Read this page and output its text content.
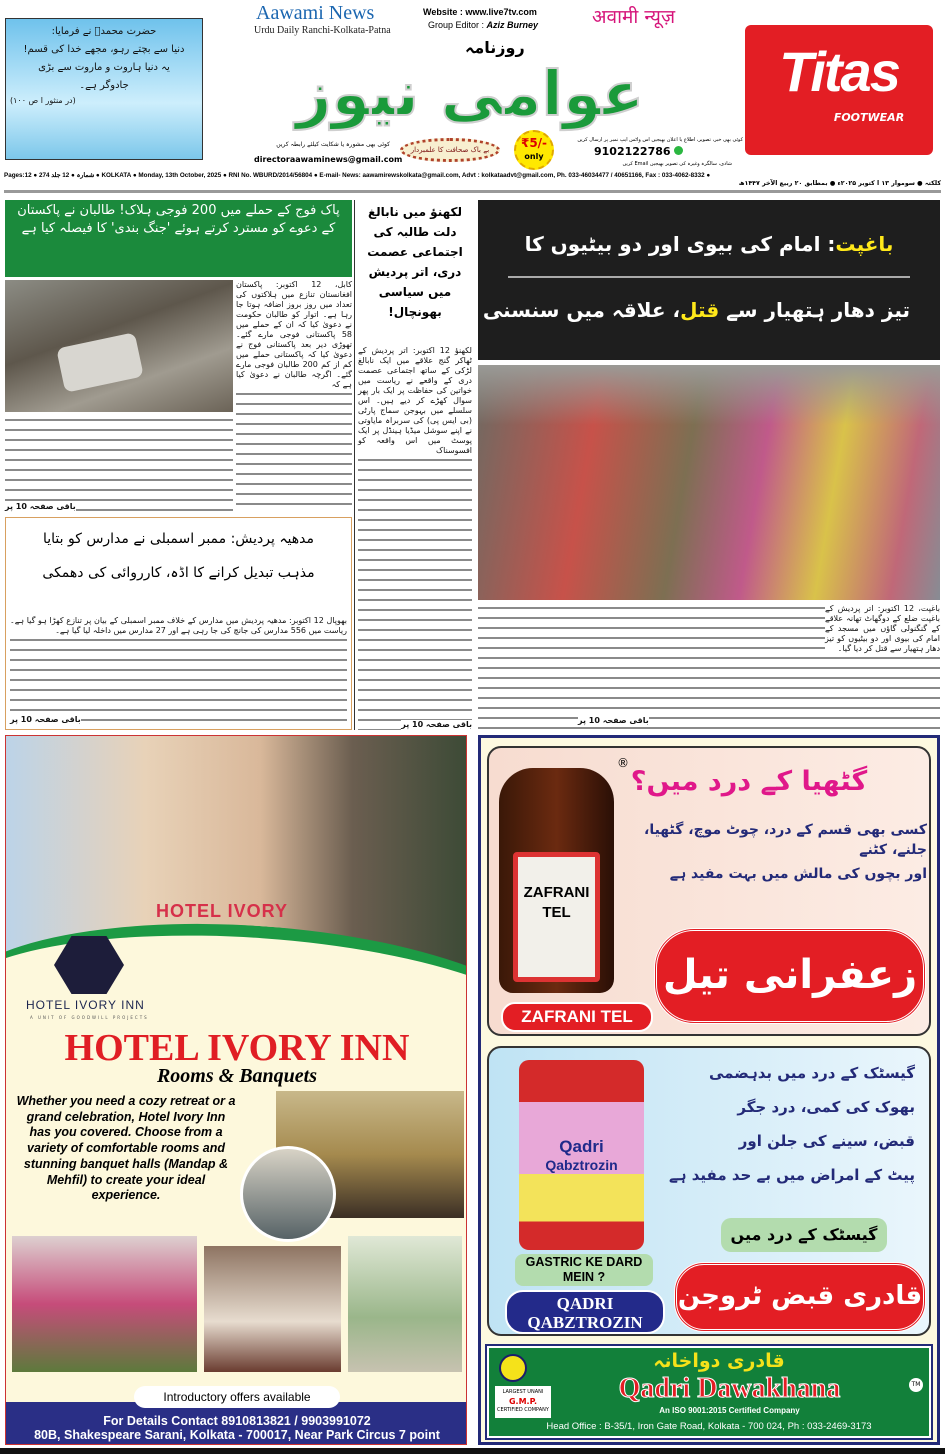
حضرت محمدؐ نے فرمایا:
دنیا سے بچتے رہو، مجھے خدا کی قسم!
یہ دنیا ہاروت و ماروت سے بڑی
جادوگر ہے۔
(در منثور ا ص ۱۰۰)
Aawami News
Urdu Daily Ranchi-Kolkata-Patna
Website : www.live7tv.com
Group Editor : Aziz Burney	अवामी न्यूज़
روزنامہ
عوامی نیوز
کوئی بھی مشورہ یا شکایت کیلئے رابطہ کریں
directoraawaminews@gmail.com
بے باک صحافت کا علمبردار	₹5/-
only
کوئی بھی خبر، تصویر، اطلاع یا اعلان بھیجیں اس واٹس ایپ نمبر پر ارسال کریں
9102122786
شادی، سالگرہ وغیرہ کی تصویر بھیجیں Email کریں
Titas
FOOTWEAR
Pages:12 ● 274 شمارہ ● 12 جلد ● KOLKATA ● Monday, 13th October, 2025 ● RNI No. WBURD/2014/56804 ● E-mail- News: aawamirewskolkata@gmail.com, Advt : kolkataadvt@gmail.com, Ph. 033-46034477 / 40651166, Fax : 033-4062-8332 ●
کلکتہ ● سوموار ۱۳ ا کتوبر ۲۰۲۵ء ● بمطابق ۲۰ ربیع الآخر ۱۴۴۷ھ
پاک فوج کے حملے میں 200 فوجی ہلاک! طالبان نے پاکستان
کے دعوے کو مسترد کرتے ہوئے 'جنگ بندی' کا فیصلہ کیا ہے
کابل، 12 اکتوبر: پاکستان افغانستان تنازع میں ہلاکتوں کی تعداد میں روز بروز اضافہ ہوتا جا رہا ہے۔ اتوار کو طالبان حکومت نے دعویٰ کیا کہ ان کے حملے میں 58 پاکستانی فوجی مارے گئے۔ تھوڑی دیر بعد پاکستانی فوج نے دعویٰ کیا کہ پاکستانی حملے میں کم از کم 200 طالبان فوجی مارے گئے۔ اگرچہ طالبان نے دعویٰ کیا ہے کہ
باقی صفحہ 10 پر
لکھنؤ میں نابالغ دلت طالبہ کی اجتماعی عصمت دری، اتر پردیش میں سیاسی بھونچال!
لکھنؤ 12 اکتوبر: اتر پردیش کے ٹھاکر گنج علاقے میں ایک نابالغ لڑکی کے ساتھ اجتماعی عصمت دری کے واقعے نے ریاست میں خواتین کی حفاظت پر ایک بار پھر سوال کھڑے کر دیے ہیں۔ اس سلسلے میں بہوجن سماج پارٹی (بی ایس پی) کی سربراہ مایاوتی نے اپنے سوشل میڈیا ہینڈل پر ایک پوسٹ میں اس واقعہ کو افسوسناک
باقی صفحہ 10 پر
باغپت: امام کی بیوی اور دو بیٹیوں کا
تیز دھار ہتھیار سے قتل، علاقہ میں سنسنی
باغپت، 12 اکتوبر: اتر پردیش کے باغپت ضلع کے دوگھاٹ تھانہ علاقے کے گنگنولی گاؤں میں مسجد کے امام کی بیوی اور دو بیٹیوں کو تیز دھار ہتھیار سے قتل کر دیا گیا۔
باقی صفحہ 10 پر
مدھیہ پردیش: ممبر اسمبلی نے مدارس کو بتایا
مذہب تبدیل کرانے کا اڈہ، کارروائی کی دھمکی
بھوپال 12 اکتوبر: مدھیہ پردیش میں مدارس کے خلاف ممبر اسمبلی کے بیان پر تنازع کھڑا ہو گیا ہے۔ ریاست میں 556 مدارس کی جانچ کی جا رہی ہے اور 27 مدارس میں داخلہ لیا گیا ہے۔
باقی صفحہ 10 پر
HOTEL IVORY
HOTEL IVORY INN
A UNIT OF GOODWILL PROJECTS
HOTEL IVORY INN
Rooms & Banquets
Whether you need a cozy retreat or a grand celebration, Hotel Ivory Inn has you covered. Choose from a variety of comfortable rooms and stunning banquet halls (Mandap & Mehfil) to create your ideal experience.
For Details Contact 8910813821 / 9903991072
80B, Shakespeare Sarani, Kolkata - 700017, Near Park Circus 7 point
Introductory offers available
ZAFRANI
TEL
®
گٹھیا کے درد میں؟
کسی بھی قسم کے درد، چوٹ موچ، گٹھیا، جلنے، کٹنے
اور بچوں کی مالش میں بہت مفید ہے
زعفرانی تیل
ZAFRANI TEL
Qadri
Qabztrozin
گیسٹک کے درد میں بدہضمی
بھوک کی کمی، درد جگر
قبض، سینے کی جلن اور
پیٹ کے امراض میں بے حد مفید ہے
گیسٹک کے درد میں
GASTRIC KE DARD MEIN ?
QADRI
QABZTROZIN
قادری قبض ٹروجن
قادری دواخانہ
LARGEST UNANI
G.M.P.
CERTIFIED COMPANY
Qadri Dawakhana	TM
An ISO 9001:2015 Certified Company
Head Office : B-35/1, Iron Gate Road, Kolkata - 700 024, Ph : 033-2469-3173
